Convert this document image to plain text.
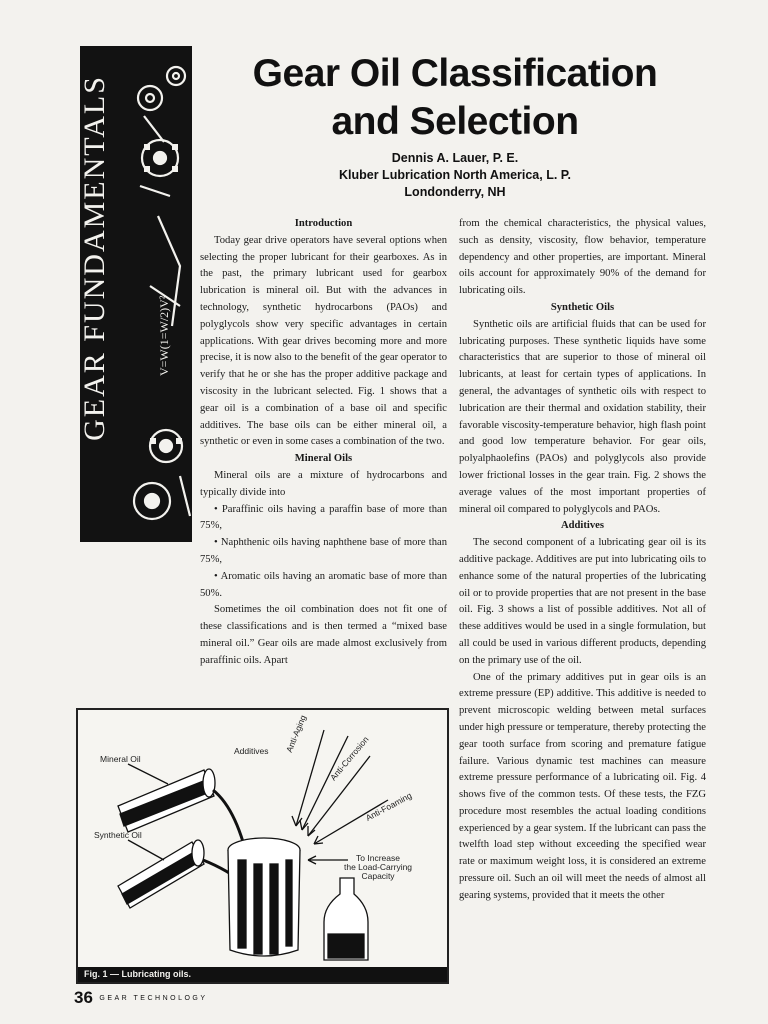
V=W(1=W/2)V²
GEAR FUNDAMENTALS
Gear Oil Classification
and Selection
Dennis A. Lauer, P. E.
Kluber Lubrication North America, L. P.
Londonderry, NH
Introduction

Today gear drive operators have several options when selecting the proper lubricant for their gearboxes. As in the past, the primary lubricant used for gearbox lubrication is mineral oil. But with the advances in technology, synthetic hydrocarbons (PAOs) and polyglycols show very specific advantages in certain applications. With gear drives becoming more and more precise, it is now also to the benefit of the gear operator to verify that he or she has the proper additive package and viscosity in the lubricant selected. Fig. 1 shows that a gear oil is a combination of a base oil and specific additives. The base oils can be either mineral oil, a synthetic or even in some cases a combination of the two.

Mineral Oils

Mineral oils are a mixture of hydrocarbons and typically divide into

• Paraffinic oils having a paraffin base of more than 75%,

• Naphthenic oils having naphthene base of more than 75%,

• Aromatic oils having an aromatic base of more than 50%.

Sometimes the oil combination does not fit one of these classifications and is then termed a “mixed base mineral oil.” Gear oils are made almost exclusively from paraffinic oils. Apart

from the chemical characteristics, the physical values, such as density, viscosity, flow behavior, temperature dependency and other properties, are important. Mineral oils account for approximately 90% of the demand for lubricating oils.

Synthetic Oils

Synthetic oils are artificial fluids that can be used for lubricating purposes. These synthetic liquids have some characteristics that are superior to those of mineral oil lubricants, at least for certain types of applications. In general, the advantages of synthetic oils with respect to lubrication are their thermal and oxidation stability, their favorable viscosity-temperature behavior, high flash point and good low temperature behavior. For gear oils, polyalphaolefins (PAOs) and polyglycols also provide lower frictional losses in the gear train. Fig. 2 shows the average values of the most important properties of mineral oil compared to polyglycols and PAOs.

Additives

The second component of a lubricating gear oil is its additive package. Additives are put into lubricating oils to enhance some of the natural properties of the lubricating oil or to provide properties that are not present in the base oil. Fig. 3 shows a list of possible additives. Not all of these additives would be used in a single formulation, but all could be used in various different products, depending on the primary use of the oil.

One of the primary additives put in gear oils is an extreme pressure (EP) additive. This additive is needed to prevent microscopic welding between metal surfaces under high pressure or temperature, thereby protecting the gear tooth surface from scoring and premature fatigue failure. Various dynamic test machines can measure extreme pressure performance of a lubricating oil. Fig. 4 shows five of the common tests. Of these tests, the FZG procedure most resembles the actual loading conditions experienced by a gear system. If the lubricant can pass the twelfth load step without exceeding the specified wear rate or maximum weight loss, it is considered an extreme pressure oil. Such an oil will meet the needs of almost all gearing systems, provided that it meets the other

Mineral Oil
Synthetic Oil
Additives Anti-Aging
Anti-Corrosion
Anti-Foaming
To Increase
the Load-Carrying
Capacity
Fig. 1 — Lubricating oils.
36 GEAR TECHNOLOGY
